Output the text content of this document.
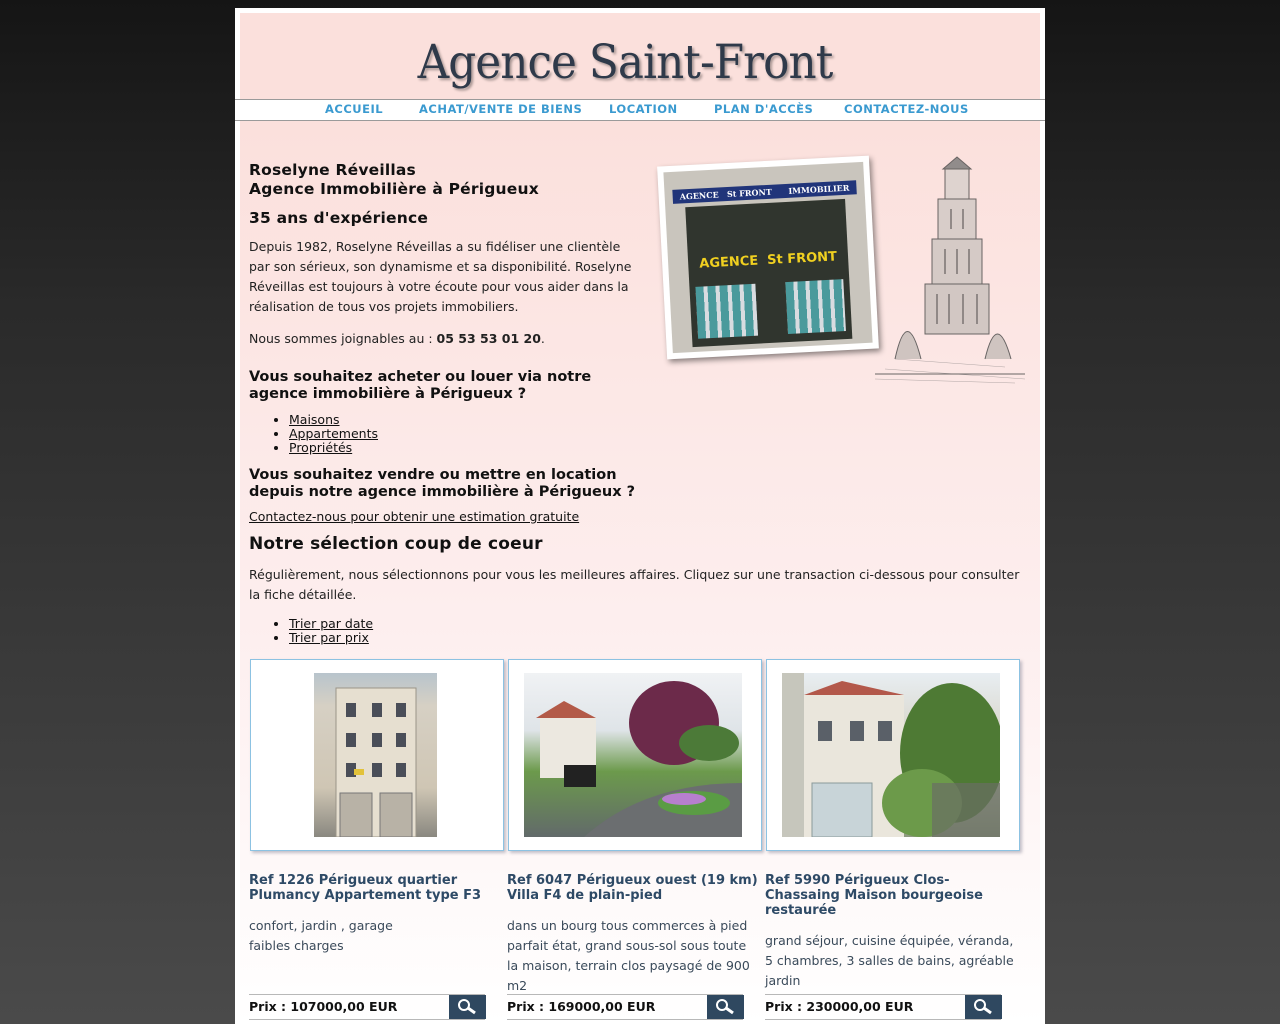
Agence Saint-Front
ACCUEIL	ACHAT/VENTE DE BIENS LOCATION	PLAN D'ACCÈS	CONTACTEZ-NOUS
Roselyne Réveillas
Agence Immobilière à Périgueux
35 ans d'expérience

Depuis 1982, Roselyne Réveillas a su fidéliser une clientèle par son sérieux, son dynamisme et sa disponibilité. Roselyne Réveillas est toujours à votre écoute pour vous aider dans la réalisation de tous vos projets immobiliers.

Nous sommes joignables au : 05 53 53 01 20.

AGENCE   St FRONT      IMMOBILIER
AGENCE  St FRONT
Vous souhaitez acheter ou louer via notre agence immobilière à Périgueux ?
• Maisons
• Appartements
• Propriétés
Vous souhaitez vendre ou mettre en location depuis notre agence immobilière à Périgueux ?
Contactez-nous pour obtenir une estimation gratuite
Notre sélection coup de coeur

Régulièrement, nous sélectionnons pour vous les meilleures affaires. Cliquez sur une transaction ci-dessous pour consulter la fiche détaillée.

• Trier par date
• Trier par prix
Ref 1226 Périgueux quartier Plumancy Appartement type F3
confort, jardin , garage
faibles charges
Ref 6047 Périgueux ouest (19 km) Villa F4 de plain-pied
dans un bourg tous commerces à pied parfait état, grand sous-sol sous toute la maison, terrain clos paysagé de 900 m2
Ref 5990 Périgueux Clos-Chassaing Maison bourgeoise restaurée
grand séjour, cuisine équipée, véranda, 5 chambres, 3 salles de bains, agréable jardin
Prix : 107000,00 EUR	Prix : 169000,00 EUR	Prix : 230000,00 EUR
